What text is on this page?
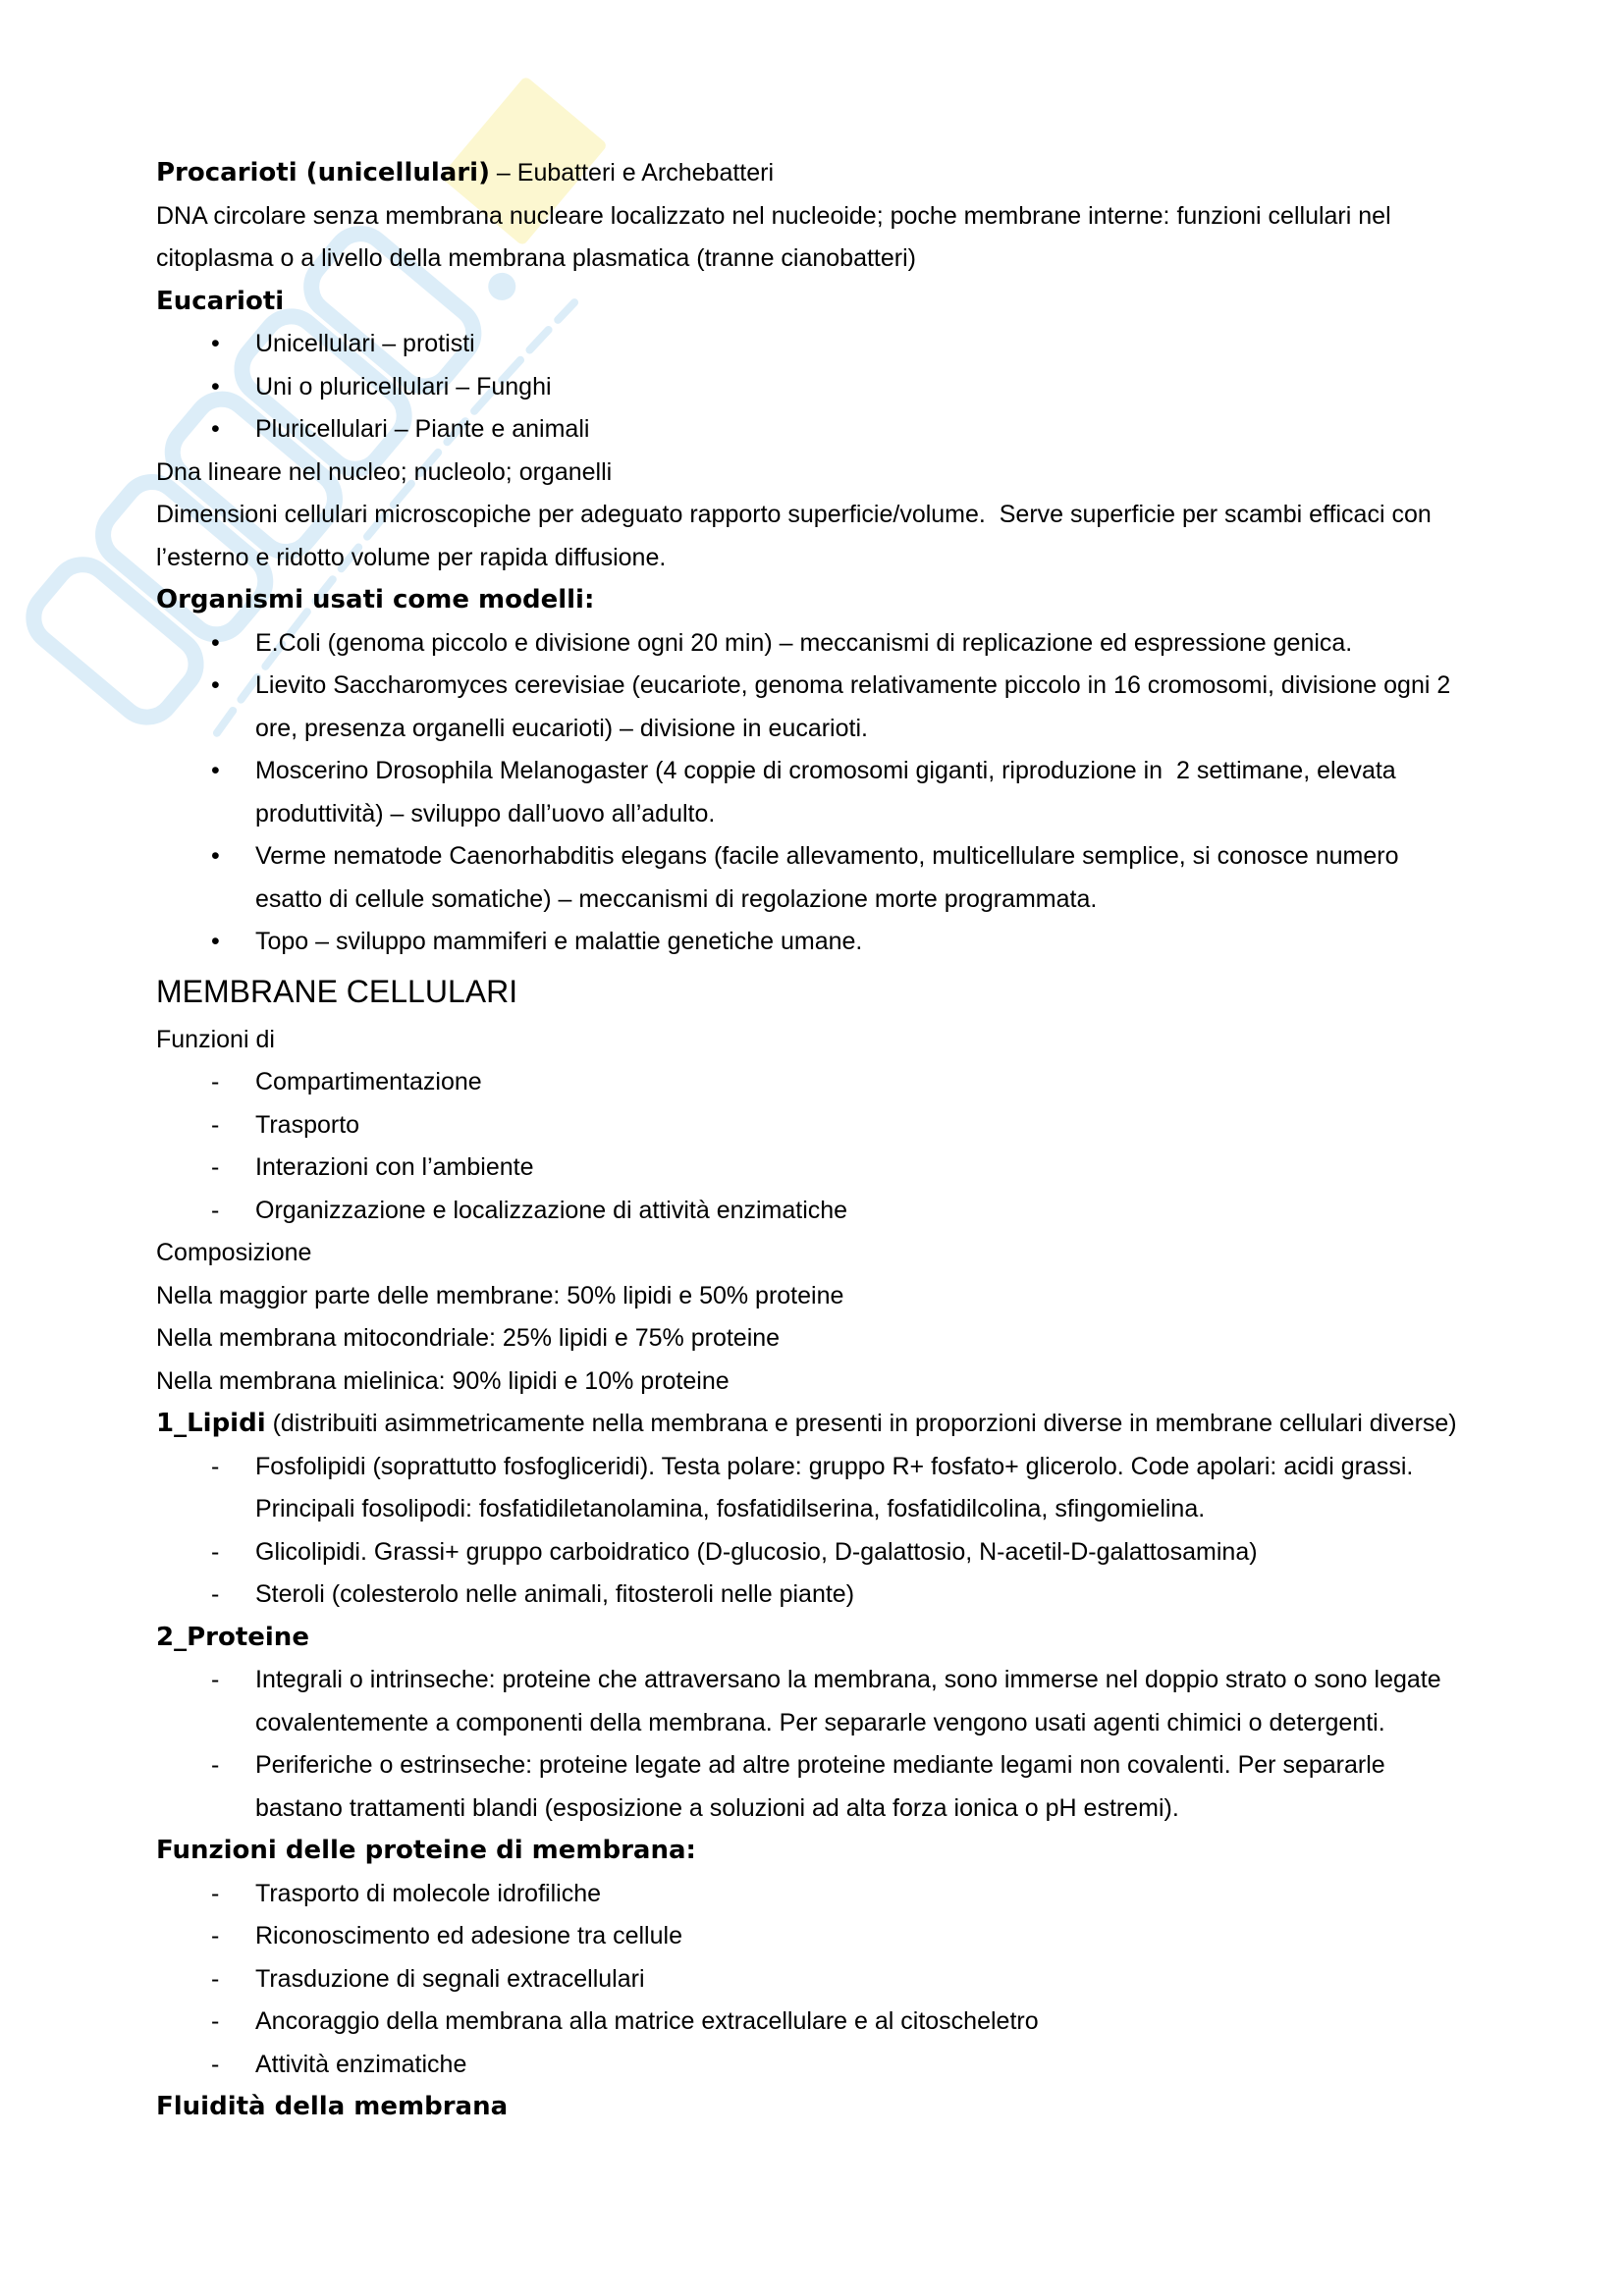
Procarioti (unicellulari) – Eubatteri e Archebatteri
DNA circolare senza membrana nucleare localizzato nel nucleoide; poche membrane interne: funzioni cellulari nel
citoplasma o a livello della membrana plasmatica (tranne cianobatteri)
Eucarioti
• Unicellulari – protisti
• Uni o pluricellulari – Funghi
• Pluricellulari – Piante e animali
Dna lineare nel nucleo; nucleolo; organelli
Dimensioni cellulari microscopiche per adeguato rapporto superficie/volume.  Serve superficie per scambi efficaci con
l’esterno e ridotto volume per rapida diffusione.
Organismi usati come modelli:
• E.Coli (genoma piccolo e divisione ogni 20 min) – meccanismi di replicazione ed espressione genica.
• Lievito Saccharomyces cerevisiae (eucariote, genoma relativamente piccolo in 16 cromosomi, divisione ogni 2
ore, presenza organelli eucarioti) – divisione in eucarioti.
• Moscerino Drosophila Melanogaster (4 coppie di cromosomi giganti, riproduzione in  2 settimane, elevata
produttività) – sviluppo dall’uovo all’adulto.
• Verme nematode Caenorhabditis elegans (facile allevamento, multicellulare semplice, si conosce numero
esatto di cellule somatiche) – meccanismi di regolazione morte programmata.
• Topo – sviluppo mammiferi e malattie genetiche umane.
MEMBRANE CELLULARI
Funzioni di
- Compartimentazione
- Trasporto
- Interazioni con l’ambiente
- Organizzazione e localizzazione di attività enzimatiche
Composizione
Nella maggior parte delle membrane: 50% lipidi e 50% proteine
Nella membrana mitocondriale: 25% lipidi e 75% proteine
Nella membrana mielinica: 90% lipidi e 10% proteine
1_Lipidi (distribuiti asimmetricamente nella membrana e presenti in proporzioni diverse in membrane cellulari diverse)
- Fosfolipidi (soprattutto fosfogliceridi). Testa polare: gruppo R+ fosfato+ glicerolo. Code apolari: acidi grassi.
Principali fosolipodi: fosfatidiletanolamina, fosfatidilserina, fosfatidilcolina, sfingomielina.
- Glicolipidi. Grassi+ gruppo carboidratico (D-glucosio, D-galattosio, N-acetil-D-galattosamina)
- Steroli (colesterolo nelle animali, fitosteroli nelle piante)
2_Proteine
- Integrali o intrinseche: proteine che attraversano la membrana, sono immerse nel doppio strato o sono legate
covalentemente a componenti della membrana. Per separarle vengono usati agenti chimici o detergenti.
- Periferiche o estrinseche: proteine legate ad altre proteine mediante legami non covalenti. Per separarle
bastano trattamenti blandi (esposizione a soluzioni ad alta forza ionica o pH estremi).
Funzioni delle proteine di membrana:
- Trasporto di molecole idrofiliche
- Riconoscimento ed adesione tra cellule
- Trasduzione di segnali extracellulari
- Ancoraggio della membrana alla matrice extracellulare e al citoscheletro
- Attività enzimatiche
Fluidità della membrana
